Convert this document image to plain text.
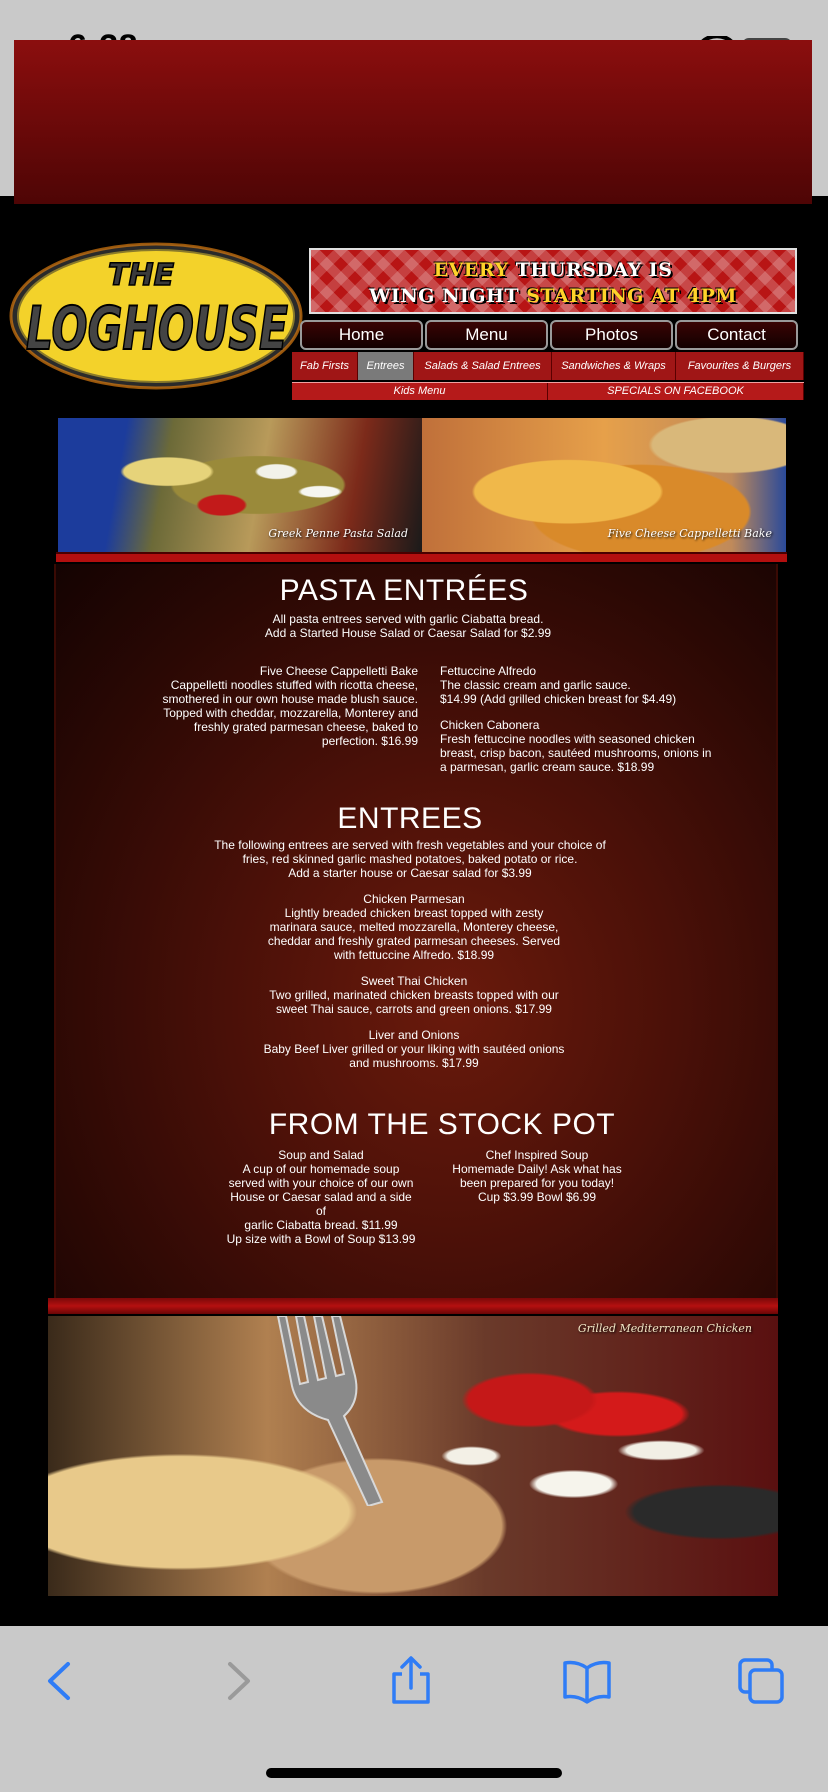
THE
LOGHOUSE
EVERY THURSDAY IS
WING NIGHT STARTING AT 4PM
Home	Menu	Photos	Contact
Fab Firsts	Entrees	Salads & Salad Entrees	Sandwiches & Wraps	Favourites & Burgers
Kids Menu	SPECIALS ON FACEBOOK
Greek Penne Pasta Salad	Five Cheese Cappelletti Bake
PASTA ENTRÉES
All pasta entrees served with garlic Ciabatta bread.
Add a Started House Salad or Caesar Salad for $2.99
Five Cheese Cappelletti Bake
Cappelletti noodles stuffed with ricotta cheese,
smothered in our own house made blush sauce.
Topped with cheddar, mozzarella, Monterey and
freshly grated parmesan cheese, baked to
perfection. $16.99
Fettuccine Alfredo
The classic cream and garlic sauce.
$14.99 (Add grilled chicken breast for $4.49)
Chicken Cabonera
Fresh fettuccine noodles with seasoned chicken
breast, crisp bacon, sautéed mushrooms, onions in
a parmesan, garlic cream sauce. $18.99
ENTREES
The following entrees are served with fresh vegetables and your choice of
fries, red skinned garlic mashed potatoes, baked potato or rice.
Add a starter house or Caesar salad for $3.99
Chicken Parmesan
Lightly breaded chicken breast topped with zesty
marinara sauce, melted mozzarella, Monterey cheese,
cheddar and freshly grated parmesan cheeses. Served
with fettuccine Alfredo. $18.99
Sweet Thai Chicken
Two grilled, marinated chicken breasts topped with our
sweet Thai sauce, carrots and green onions. $17.99
Liver and Onions
Baby Beef Liver grilled or your liking with sautéed onions
and mushrooms. $17.99
FROM THE STOCK POT
Soup and Salad
A cup of our homemade soup
served with your choice of our own
House or Caesar salad and a side of
garlic Ciabatta bread. $11.99
Up size with a Bowl of Soup $13.99
Chef Inspired Soup
Homemade Daily! Ask what has
been prepared for you today!
Cup $3.99 Bowl $6.99
Grilled Mediterranean Chicken
